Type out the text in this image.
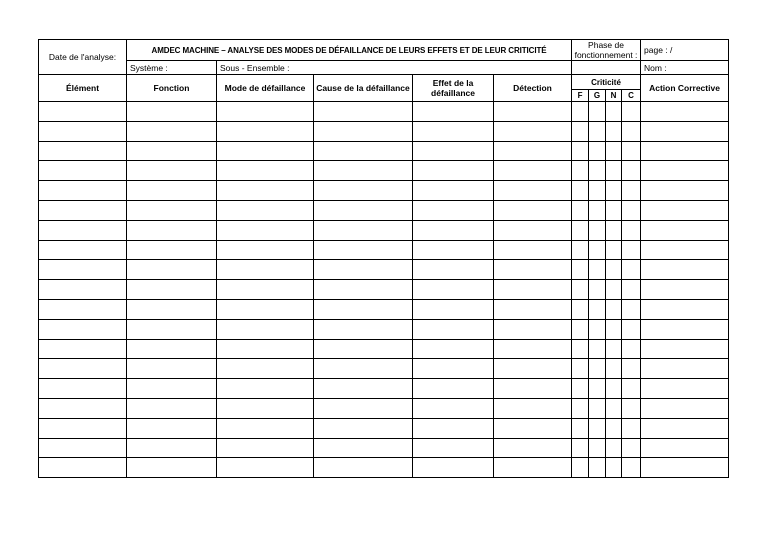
Date de l'analyse:	AMDEC MACHINE – ANALYSE DES MODES DE DÉFAILLANCE DE LEURS EFFETS ET DE LEUR CRITICITÉ					Phase de fonctionnement :				page : /
	Système :	Sous - Ensemble :								Nom :
Élément	Fonction	Mode de défaillance	Cause de la défaillance	Effet de la défaillance	Détection	Criticité				Action Corrective
						F	G	N	C	
